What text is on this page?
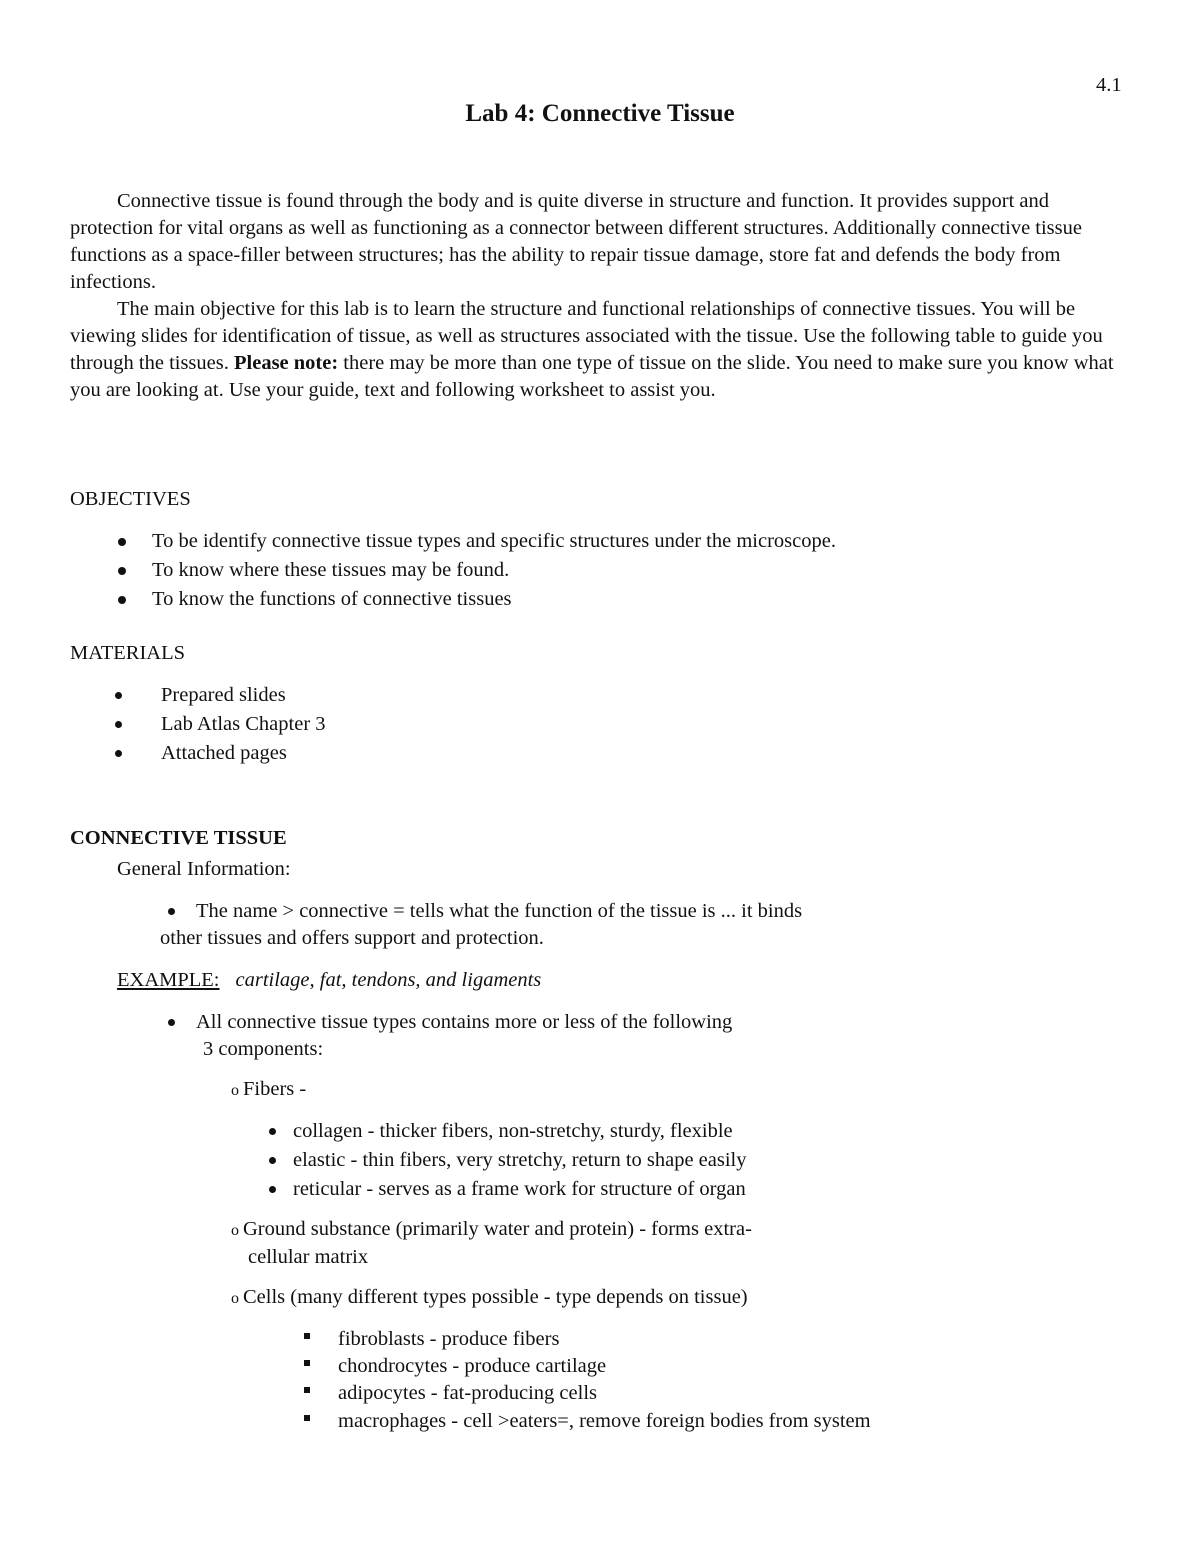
4.1
Lab 4: Connective Tissue

Connective tissue is found through the body and is quite diverse in structure and function. It provides support and protection for vital organs as well as functioning as a connector between different structures. Additionally connective tissue functions as a space-filler between structures; has the ability to repair tissue damage, store fat and defends the body from infections.

The main objective for this lab is to learn the structure and functional relationships of connective tissues. You will be viewing slides for identification of tissue, as well as structures associated with the tissue. Use the following table to guide you through the tissues. Please note: there may be more than one type of tissue on the slide. You need to make sure you know what you are looking at. Use your guide, text and following worksheet to assist you.

OBJECTIVES
To be identify connective tissue types and specific structures under the microscope.
To know where these tissues may be found.
To know the functions of connective tissues
MATERIALS
Prepared slides
Lab Atlas Chapter 3
Attached pages
CONNECTIVE TISSUE
General Information:
The name > connective = tells what the function of the tissue is ... it binds
other tissues and offers support and protection.
EXAMPLE: cartilage, fat, tendons, and ligaments
All connective tissue types contains more or less of the following
3 components:
o Fibers -
collagen - thicker fibers, non-stretchy, sturdy, flexible
elastic - thin fibers, very stretchy, return to shape easily
reticular - serves as a frame work for structure of organ
o Ground substance (primarily water and protein) - forms extra-
cellular matrix
o Cells (many different types possible - type depends on tissue)
fibroblasts - produce fibers
chondrocytes - produce cartilage
adipocytes - fat-producing cells
macrophages - cell >eaters=, remove foreign bodies from system
